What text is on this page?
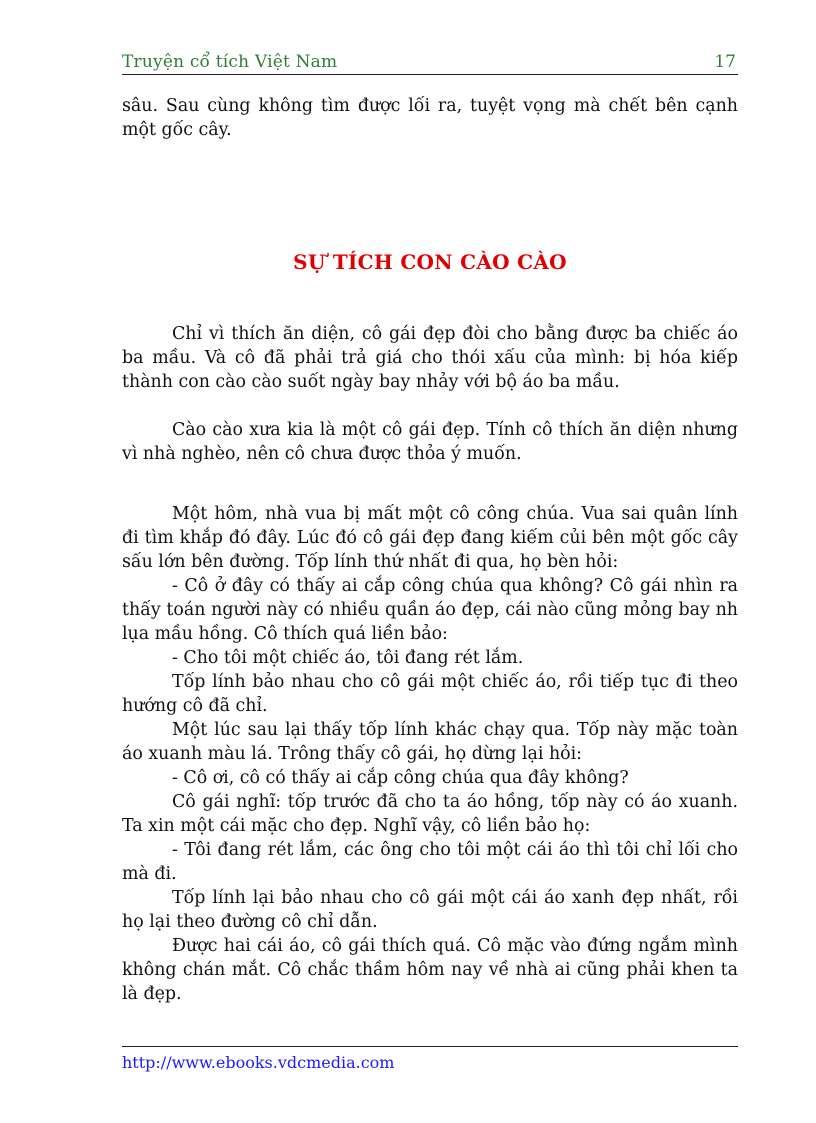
Truyện cổ tích Việt Nam	17

sâu. Sau cùng không tìm được lối ra, tuyệt vọng mà chết bên cạnh một gốc cây.

SỰ TÍCH CON CÀO CÀO

Chỉ vì thích ăn diện, cô gái đẹp đòi cho bằng được ba chiếc áo ba mầu. Và cô đã phải trả giá cho thói xấu của mình: bị hóa kiếp thành con cào cào suốt ngày bay nhảy với bộ áo ba mầu.

Cào cào xưa kia là một cô gái đẹp. Tính cô thích ăn diện nhưng vì nhà nghèo, nên cô chưa được thỏa ý muốn.

Một hôm, nhà vua bị mất một cô công chúa. Vua sai quân lính đi tìm khắp đó đây. Lúc đó cô gái đẹp đang kiếm củi bên một gốc cây sấu lớn bên đường. Tốp lính thứ nhất đi qua, họ bèn hỏi:

- Cô ở đây có thấy ai cắp công chúa qua không? Cô gái nhìn ra thấy toán người này có nhiều quần áo đẹp, cái nào cũng mỏng bay nh lụa mầu hồng. Cô thích quá liền bảo:

- Cho tôi một chiếc áo, tôi đang rét lắm.

Tốp lính bảo nhau cho cô gái một chiếc áo, rồi tiếp tục đi theo hướng cô đã chỉ.

Một lúc sau lại thấy tốp lính khác chạy qua. Tốp này mặc toàn áo xuanh màu lá. Trông thấy cô gái, họ dừng lại hỏi:

- Cô ơi, cô có thấy ai cắp công chúa qua đây không?

Cô gái nghĩ: tốp trước đã cho ta áo hồng, tốp này có áo xuanh. Ta xin một cái mặc cho đẹp. Nghĩ vậy, cô liền bảo họ:

- Tôi đang rét lắm, các ông cho tôi một cái áo thì tôi chỉ lối cho mà đi.

Tốp lính lại bảo nhau cho cô gái một cái áo xanh đẹp nhất, rồi họ lại theo đường cô chỉ dẫn.

Được hai cái áo, cô gái thích quá. Cô mặc vào đứng ngắm mình không chán mắt. Cô chắc thầm hôm nay về nhà ai cũng phải khen ta là đẹp.

http://www.ebooks.vdcmedia.com
